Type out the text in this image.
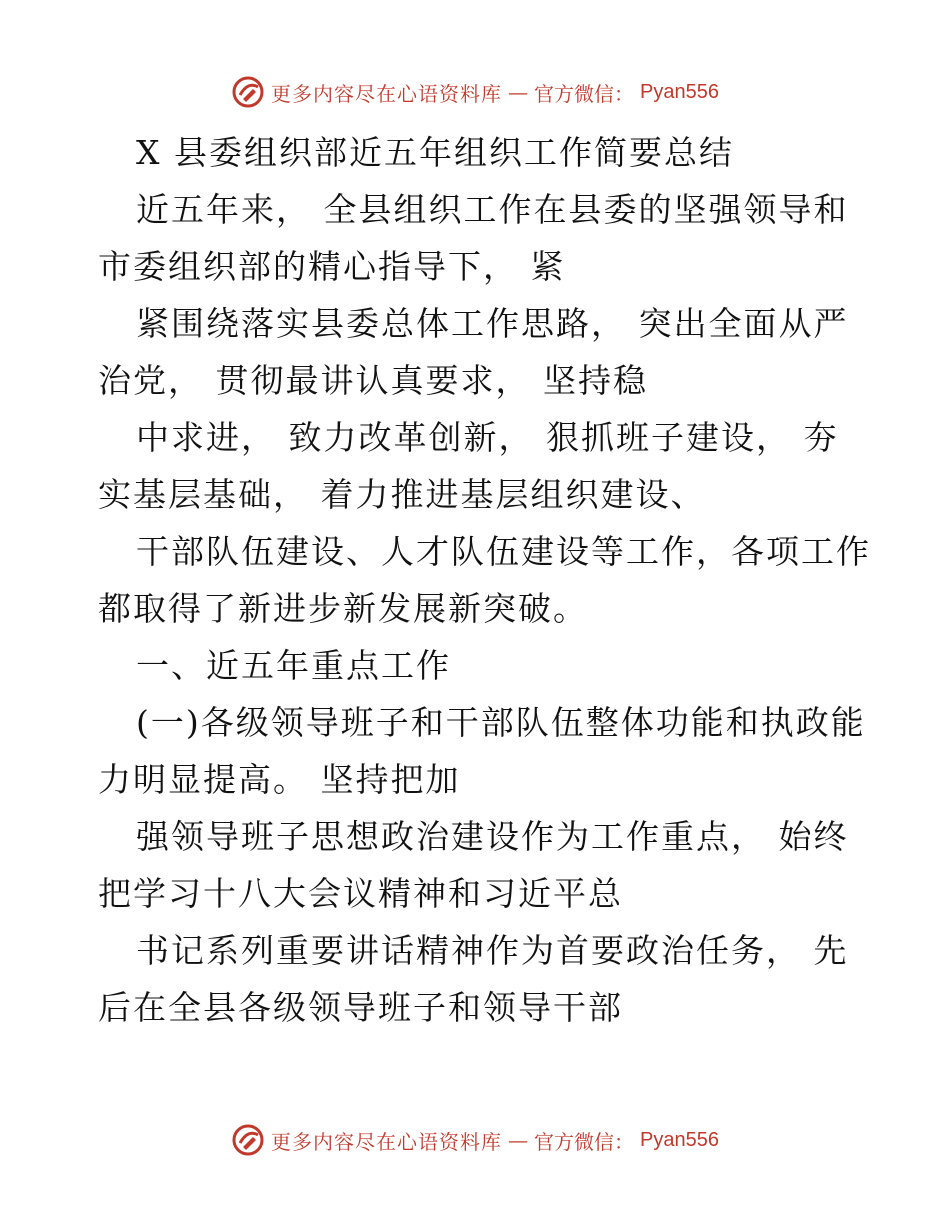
更多内容尽在心语资料库 — 官方微信： Pyan556
X 县委组织部近五年组织工作简要总结
近五年来， 全县组织工作在县委的坚强领导和
市委组织部的精心指导下， 紧
紧围绕落实县委总体工作思路， 突出全面从严
治党， 贯彻最讲认真要求， 坚持稳
中求进， 致力改革创新， 狠抓班子建设， 夯
实基层基础， 着力推进基层组织建设、
干部队伍建设、人才队伍建设等工作，各项工作
都取得了新进步新发展新突破。
一、近五年重点工作
(一)各级领导班子和干部队伍整体功能和执政能
力明显提高。 坚持把加
强领导班子思想政治建设作为工作重点， 始终
把学习十八大会议精神和习近平总
书记系列重要讲话精神作为首要政治任务， 先
后在全县各级领导班子和领导干部
更多内容尽在心语资料库 — 官方微信： Pyan556
